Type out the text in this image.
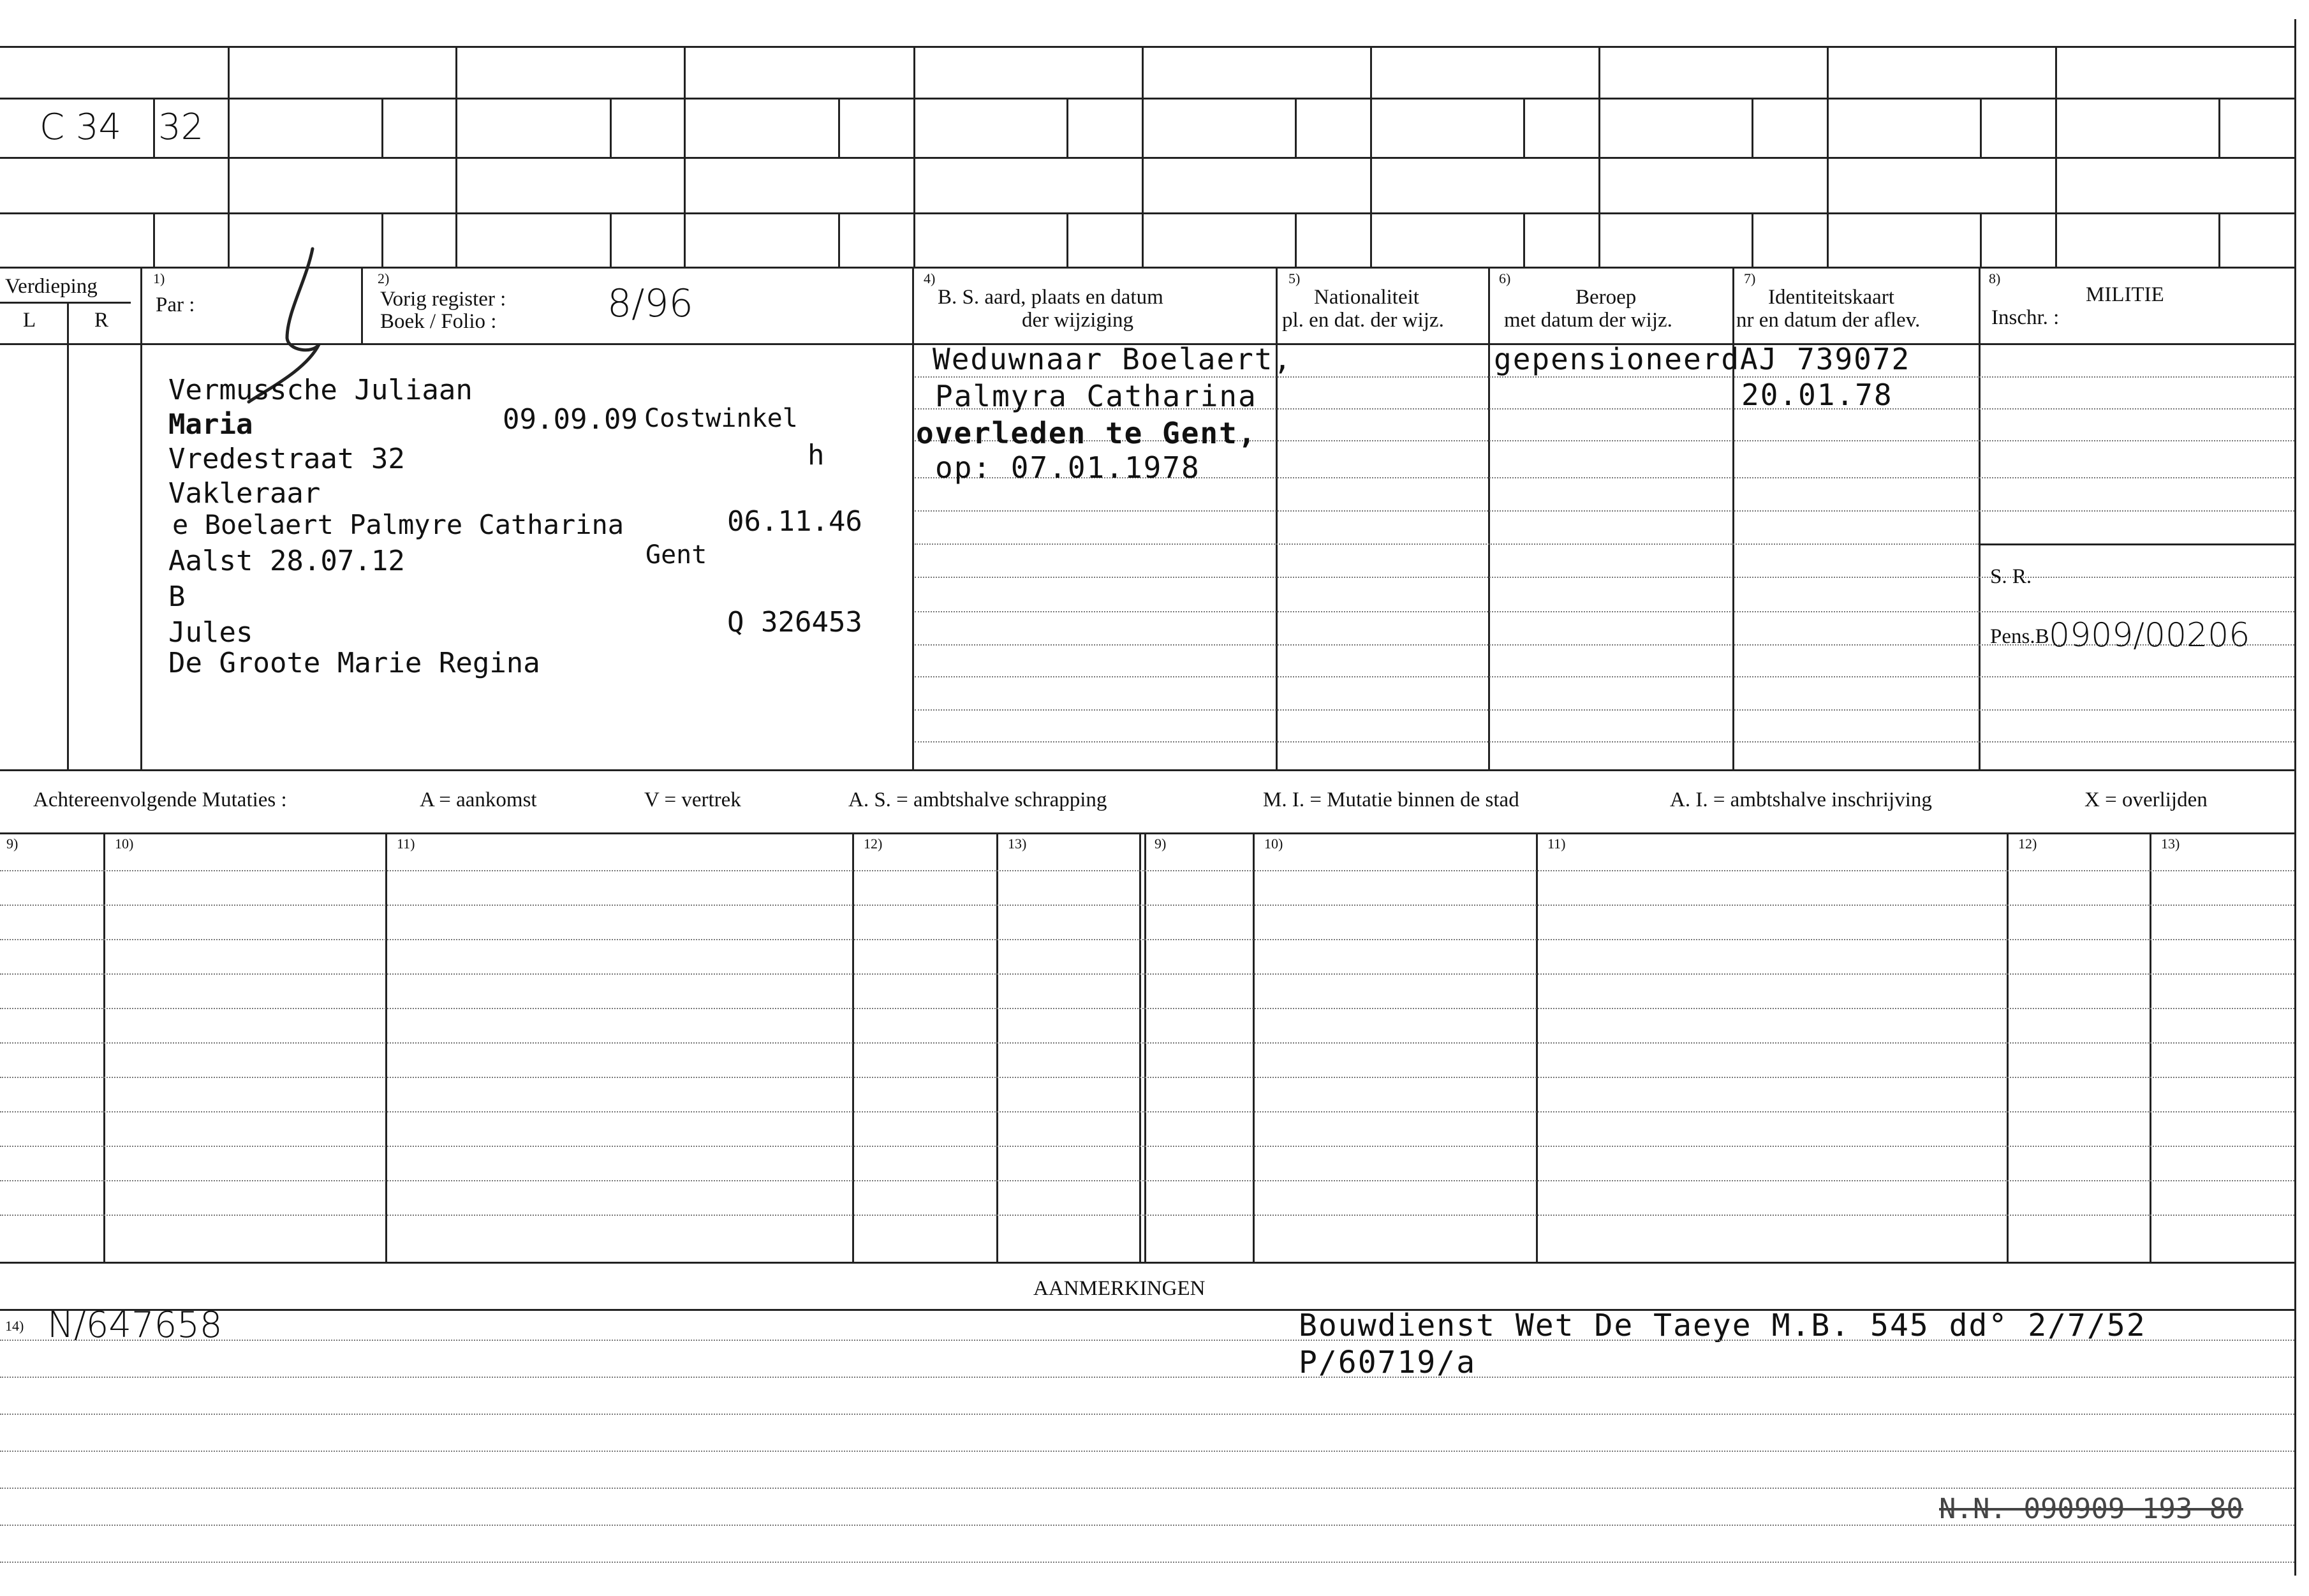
C 34 32
Verdieping
L	R
1)
Par :
2)
Vorig register :
Boek / Folio :	8/96
4)
B. S. aard, plaats en datum
der wijziging
5)
Nationaliteit
pl. en dat. der wijz.
6)
Beroep
met datum der wijz.
7)
Identiteitskaart
nr en datum der aflev.
8)
MILITIE
Inschr. :
Vermussche Juliaan
Maria	09.09.09 Costwinkel
Vredestraat 32	h
Vakleraar
e Boelaert Palmyre Catharina	06.11.46
Aalst 28.07.12	Gent
B
Jules	Q 326453
De Groote Marie Regina
Weduwnaar Boelaert,
Palmyra Catharina
overleden te Gent,
op: 07.01.1978
gepensioneerd AJ 739072
20.01.78
S. R.
Pens.B 0909/00206
Achtereenvolgende Mutaties :	A = aankomst	V = vertrek	A. S. = ambtshalve schrapping	M. I. = Mutatie binnen de stad	A. I. = ambtshalve inschrijving	X = overlijden
9)	10)	11)	12)	13)	9)	10)	11)	12)	13)
AANMERKINGEN
14) N/647658	Bouwdienst Wet De Taeye M.B. 545 dd° 2/7/52
P/60719/a
N.N. 090909 193 80
